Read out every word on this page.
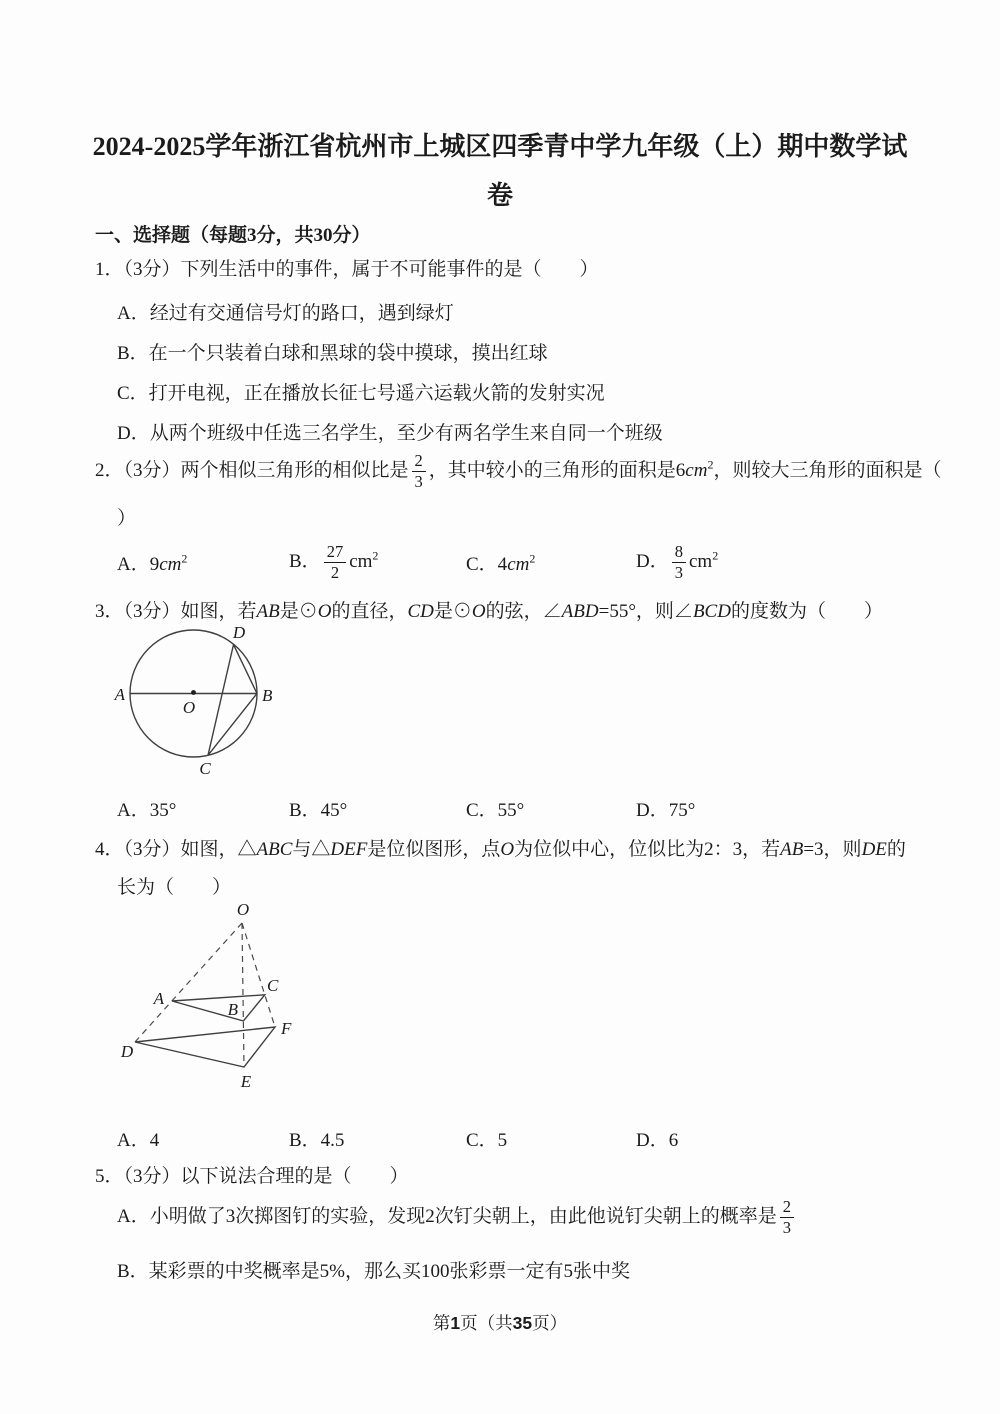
2024-2025学年浙江省杭州市上城区四季青中学九年级（上）期中数学试
卷
一、选择题（每题3分，共30分）
1．（3分）下列生活中的事件，属于不可能事件的是（　　）
A．经过有交通信号灯的路口，遇到绿灯
B．在一个只装着白球和黑球的袋中摸球，摸出红球
C．打开电视，正在播放长征七号遥六运载火箭的发射实况
D．从两个班级中任选三名学生，至少有两名学生来自同一个班级
2．（3分）两个相似三角形的相似比是 $\frac{2}{3}$ ，其中较小的三角形的面积是$6cm^2$，则较大三角形的面积是（
）
A．$9cm^2$	B． $\frac{27}{2} cm^2$	C．$4cm^2$	D． $\frac{8}{3} cm^2$
3．（3分）如图，若AB是⊙O的直径，CD是⊙O的弦，∠ABD=55°，则∠BCD的度数为（　　）
A	B
C
D
O
A．35°	B．45°	C．55°	D．75°
4．（3分）如图，△ABC与△DEF是位似图形，点O为位似中心，位似比为2：3，若AB=3，则DE的
长为（　　）
O
A
B
C
D
E
F
A．4	B．4.5	C．5	D．6
5．（3分）以下说法合理的是（　　）
A．小明做了3次掷图钉的实验，发现2次钉尖朝上，由此他说钉尖朝上的概率是 $\frac{2}{3}$
B．某彩票的中奖概率是5%，那么买100张彩票一定有5张中奖
第1页（共35页）
